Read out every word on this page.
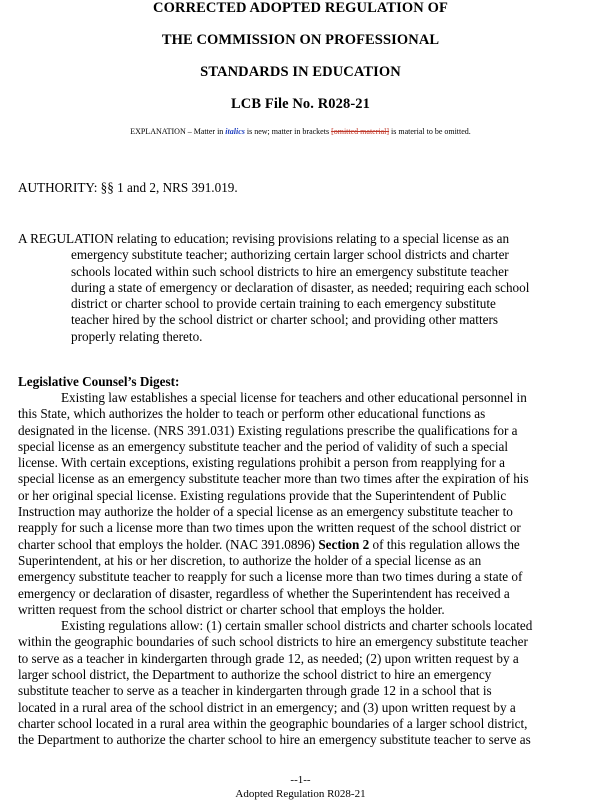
CORRECTED ADOPTED REGULATION OF
THE COMMISSION ON PROFESSIONAL
STANDARDS IN EDUCATION
LCB File No. R028-21
EXPLANATION – Matter in italics is new; matter in brackets [omitted material] is material to be omitted.
AUTHORITY: §§ 1 and 2, NRS 391.019.
A REGULATION relating to education; revising provisions relating to a special license as an
emergency substitute teacher; authorizing certain larger school districts and charter
schools located within such school districts to hire an emergency substitute teacher
during a state of emergency or declaration of disaster, as needed; requiring each school
district or charter school to provide certain training to each emergency substitute
teacher hired by the school district or charter school; and providing other matters
properly relating thereto.
Legislative Counsel’s Digest:
Existing law establishes a special license for teachers and other educational personnel in
this State, which authorizes the holder to teach or perform other educational functions as
designated in the license. (NRS 391.031) Existing regulations prescribe the qualifications for a
special license as an emergency substitute teacher and the period of validity of such a special
license. With certain exceptions, existing regulations prohibit a person from reapplying for a
special license as an emergency substitute teacher more than two times after the expiration of his
or her original special license. Existing regulations provide that the Superintendent of Public
Instruction may authorize the holder of a special license as an emergency substitute teacher to
reapply for such a license more than two times upon the written request of the school district or
charter school that employs the holder. (NAC 391.0896) Section 2 of this regulation allows the
Superintendent, at his or her discretion, to authorize the holder of a special license as an
emergency substitute teacher to reapply for such a license more than two times during a state of
emergency or declaration of disaster, regardless of whether the Superintendent has received a
written request from the school district or charter school that employs the holder.
Existing regulations allow: (1) certain smaller school districts and charter schools located
within the geographic boundaries of such school districts to hire an emergency substitute teacher
to serve as a teacher in kindergarten through grade 12, as needed; (2) upon written request by a
larger school district, the Department to authorize the school district to hire an emergency
substitute teacher to serve as a teacher in kindergarten through grade 12 in a school that is
located in a rural area of the school district in an emergency; and (3) upon written request by a
charter school located in a rural area within the geographic boundaries of a larger school district,
the Department to authorize the charter school to hire an emergency substitute teacher to serve as
--1--
Adopted Regulation R028-21
